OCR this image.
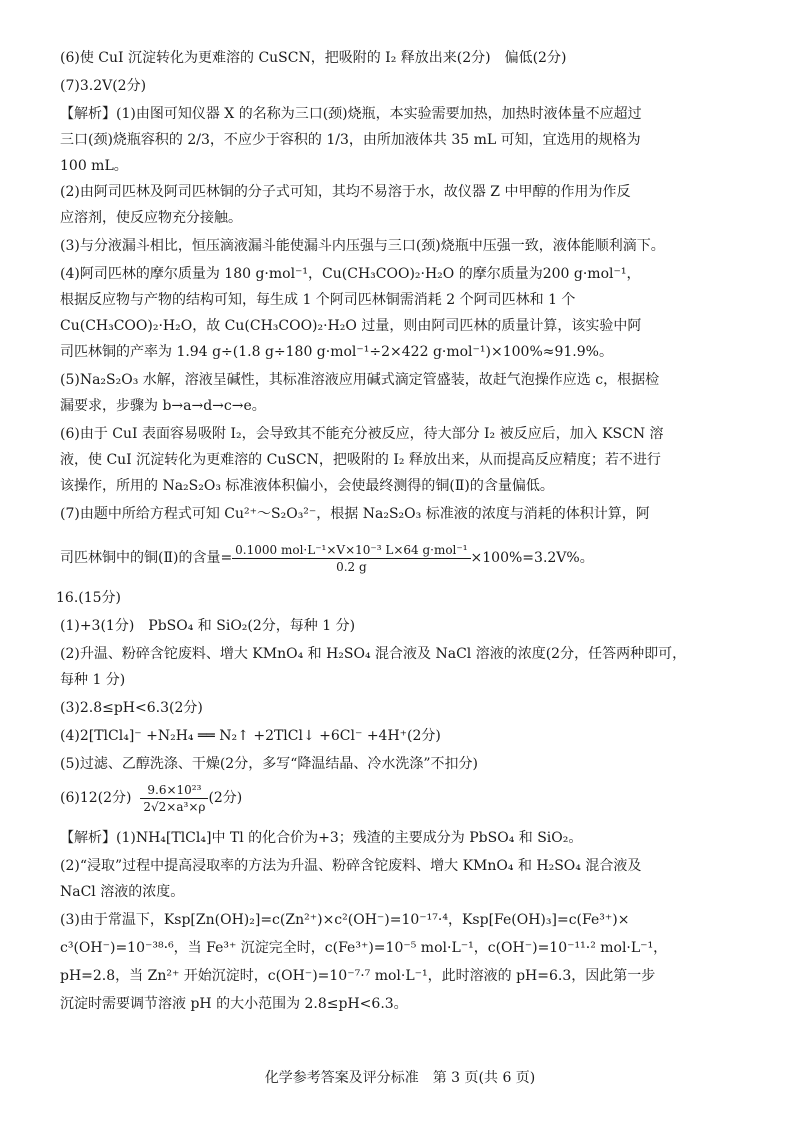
(6)使 CuI 沉淀转化为更难溶的 CuSCN，把吸附的 I₂ 释放出来(2分)　偏低(2分)
(7)3.2V(2分)
【解析】(1)由图可知仪器 X 的名称为三口(颈)烧瓶，本实验需要加热，加热时液体量不应超过
三口(颈)烧瓶容积的 2/3，不应少于容积的 1/3，由所加液体共 35 mL 可知，宜选用的规格为
100 mL。
(2)由阿司匹林及阿司匹林铜的分子式可知，其均不易溶于水，故仪器 Z 中甲醇的作用为作反
应溶剂，使反应物充分接触。
(3)与分液漏斗相比，恒压滴液漏斗能使漏斗内压强与三口(颈)烧瓶中压强一致，液体能顺利滴下。
(4)阿司匹林的摩尔质量为 180 g·mol⁻¹，Cu(CH₃COO)₂·H₂O 的摩尔质量为200 g·mol⁻¹，
根据反应物与产物的结构可知，每生成 1 个阿司匹林铜需消耗 2 个阿司匹林和 1 个
Cu(CH₃COO)₂·H₂O，故 Cu(CH₃COO)₂·H₂O 过量，则由阿司匹林的质量计算，该实验中阿
司匹林铜的产率为 1.94 g÷(1.8 g÷180 g·mol⁻¹÷2×422 g·mol⁻¹)×100%≈91.9%。
(5)Na₂S₂O₃ 水解，溶液呈碱性，其标准溶液应用碱式滴定管盛装，故赶气泡操作应选 c，根据检
漏要求，步骤为 b→a→d→c→e。
(6)由于 CuI 表面容易吸附 I₂，会导致其不能充分被反应，待大部分 I₂ 被反应后，加入 KSCN 溶
液，使 CuI 沉淀转化为更难溶的 CuSCN，把吸附的 I₂ 释放出来，从而提高反应精度；若不进行
该操作，所用的 Na₂S₂O₃ 标准液体积偏小，会使最终测得的铜(Ⅱ)的含量偏低。
(7)由题中所给方程式可知 Cu²⁺～S₂O₃²⁻，根据 Na₂S₂O₃ 标准液的浓度与消耗的体积计算，阿
16.(15分)
(1)+3(1分)　PbSO₄ 和 SiO₂(2分，每种 1 分)
(2)升温、粉碎含铊废料、增大 KMnO₄ 和 H₂SO₄ 混合液及 NaCl 溶液的浓度(2分，任答两种即可，
每种 1 分)
(3)2.8≤pH<6.3(2分)
(4)2[TlCl₄]⁻ +N₂H₄ ══ N₂↑ +2TlCl↓ +6Cl⁻ +4H⁺(2分)
(5)过滤、乙醇洗涤、干燥(2分，多写“降温结晶、冷水洗涤”不扣分)
【解析】(1)NH₄[TlCl₄]中 Tl 的化合价为+3；残渣的主要成分为 PbSO₄ 和 SiO₂。
(2)“浸取”过程中提高浸取率的方法为升温、粉碎含铊废料、增大 KMnO₄ 和 H₂SO₄ 混合液及
NaCl 溶液的浓度。
(3)由于常温下，Ksp[Zn(OH)₂]=c(Zn²⁺)×c²(OH⁻)=10⁻¹⁷·⁴，Ksp[Fe(OH)₃]=c(Fe³⁺)×
c³(OH⁻)=10⁻³⁸·⁶，当 Fe³⁺ 沉淀完全时，c(Fe³⁺)=10⁻⁵ mol·L⁻¹，c(OH⁻)=10⁻¹¹·² mol·L⁻¹，
pH=2.8，当 Zn²⁺ 开始沉淀时，c(OH⁻)=10⁻⁷·⁷ mol·L⁻¹，此时溶液的 pH=6.3，因此第一步
沉淀时需要调节溶液 pH 的大小范围为 2.8≤pH<6.3。
司匹林铜中的铜(Ⅱ)的含量= $\frac{\text{0.1000 mol·L⁻¹×V×10⁻³ L×64 g·mol⁻¹}}{0.2 g} \times 100\%=3.2V\%$。
(6)12(2分) $\frac{\text{9.6×10²³}}{\text{2√2×a³×ρ}} (2$分)
化学参考答案及评分标准　第 3 页(共 6 页)
